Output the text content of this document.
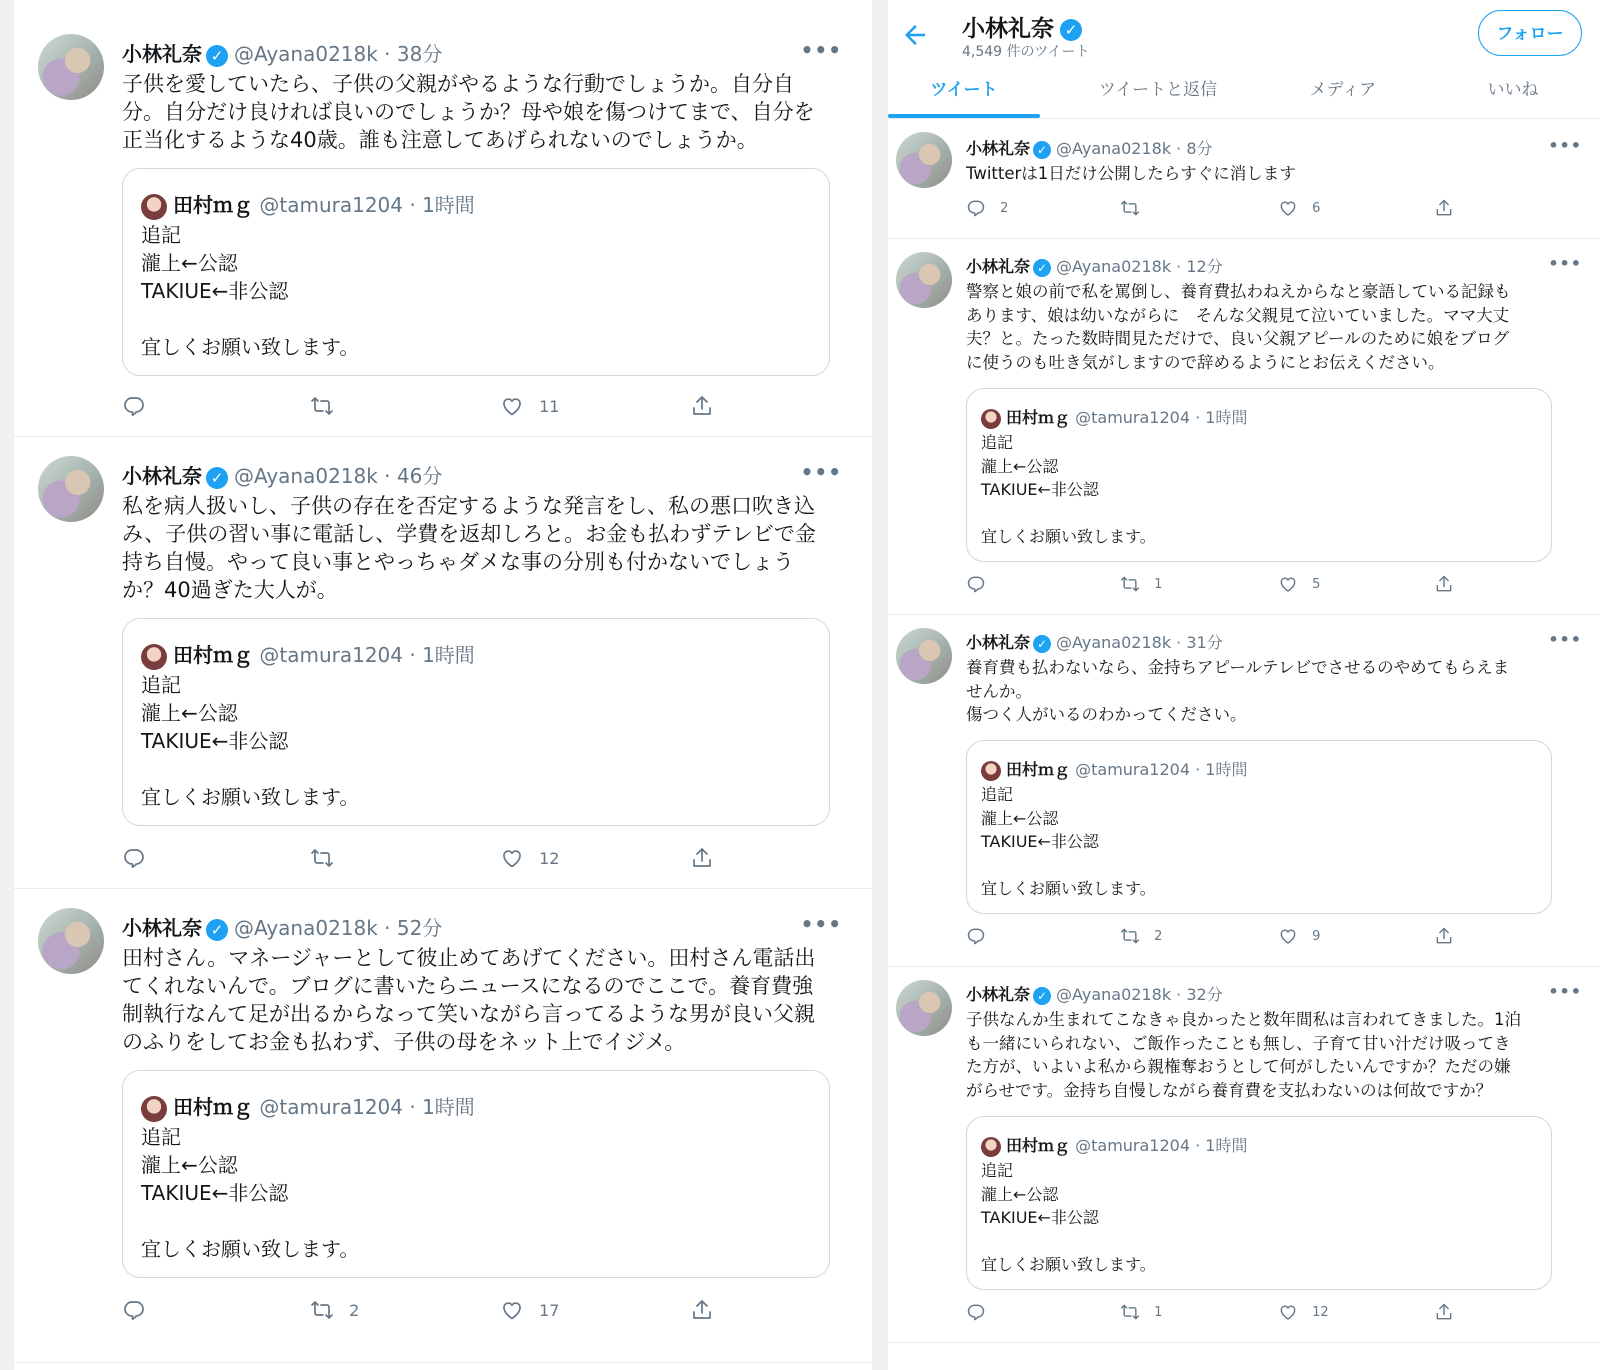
小林礼奈 ✓ @Ayana0218k · 38分	•••
子供を愛していたら、子供の父親がやるような行動でしょうか。自分自
分。自分だけ良ければ良いのでしょうか？母や娘を傷つけてまで、自分を
正当化するような40歳。誰も注意してあげられないのでしょうか。
田村ｍｇ @tamura1204 · 1時間
追記
瀧上←公認
TAKIUE←非公認

宜しくお願い致します。
11
小林礼奈 ✓ @Ayana0218k · 46分	•••
私を病人扱いし、子供の存在を否定するような発言をし、私の悪口吹き込
み、子供の習い事に電話し、学費を返却しろと。お金も払わずテレビで金
持ち自慢。やって良い事とやっちゃダメな事の分別も付かないでしょう
か？40過ぎた大人が。
田村ｍｇ @tamura1204 · 1時間
追記
瀧上←公認
TAKIUE←非公認

宜しくお願い致します。
12
小林礼奈 ✓ @Ayana0218k · 52分	•••
田村さん。マネージャーとして彼止めてあげてください。田村さん電話出
てくれないんで。ブログに書いたらニュースになるのでここで。養育費強
制執行なんて足が出るからなって笑いながら言ってるような男が良い父親
のふりをしてお金も払わず、子供の母をネット上でイジメ。
田村ｍｇ @tamura1204 · 1時間
追記
瀧上←公認
TAKIUE←非公認

宜しくお願い致します。
2	17
小林礼奈 ✓
4,549 件のツイート
フォロー
ツイート	ツイートと返信	メディア	いいね
小林礼奈 ✓ @Ayana0218k · 8分	•••
Twitterは1日だけ公開したらすぐに消します
2	6
小林礼奈 ✓ @Ayana0218k · 12分	•••
警察と娘の前で私を罵倒し、養育費払わねえからなと豪語している記録も
あります、娘は幼いながらに　そんな父親見て泣いていました。ママ大丈
夫？と。たった数時間見ただけで、良い父親アピールのために娘をブログ
に使うのも吐き気がしますので辞めるようにとお伝えください。
田村ｍｇ @tamura1204 · 1時間
追記
瀧上←公認
TAKIUE←非公認

宜しくお願い致します。
1	5
小林礼奈 ✓ @Ayana0218k · 31分	•••
養育費も払わないなら、金持ちアピールテレビでさせるのやめてもらえま
せんか。
傷つく人がいるのわかってください。
田村ｍｇ @tamura1204 · 1時間
追記
瀧上←公認
TAKIUE←非公認

宜しくお願い致します。
2	9
小林礼奈 ✓ @Ayana0218k · 32分	•••
子供なんか生まれてこなきゃ良かったと数年間私は言われてきました。1泊
も一緒にいられない、ご飯作ったことも無し、子育て甘い汁だけ吸ってき
た方が、いよいよ私から親権奪おうとして何がしたいんですか？ただの嫌
がらせです。金持ち自慢しながら養育費を支払わないのは何故ですか？
田村ｍｇ @tamura1204 · 1時間
追記
瀧上←公認
TAKIUE←非公認

宜しくお願い致します。
1	12
